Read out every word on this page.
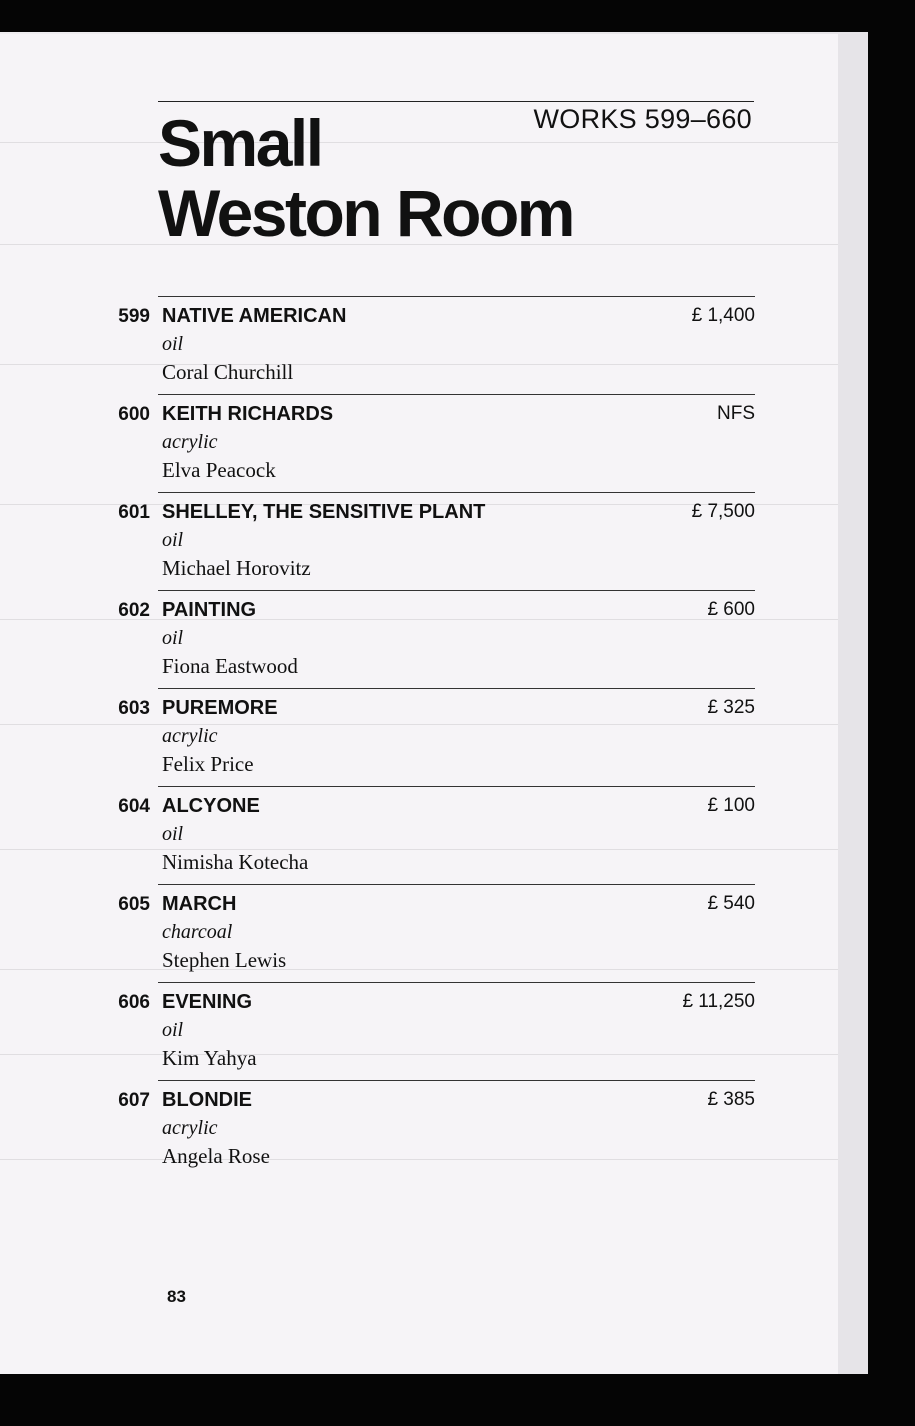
Small
Weston Room
WORKS 599–660
599 NATIVE AMERICAN	£ 1,400
oil
Coral Churchill
600 KEITH RICHARDS	NFS
acrylic
Elva Peacock
601 SHELLEY, THE SENSITIVE PLANT	£ 7,500
oil
Michael Horovitz
602 PAINTING	£ 600
oil
Fiona Eastwood
603 PUREMORE	£ 325
acrylic
Felix Price
604 ALCYONE	£ 100
oil
Nimisha Kotecha
605 MARCH	£ 540
charcoal
Stephen Lewis
606 EVENING	£ 11,250
oil
Kim Yahya
607 BLONDIE	£ 385
acrylic
Angela Rose
83
